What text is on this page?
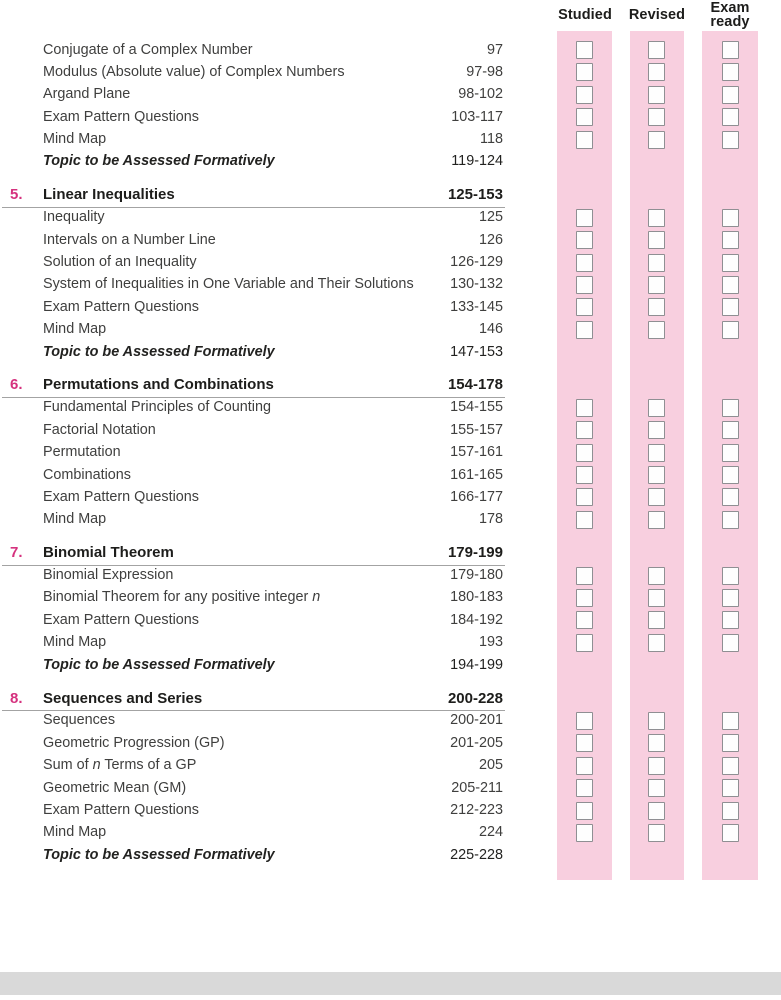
Studied	Revised	Exam
ready
Conjugate of a Complex Number	97
Modulus (Absolute value) of Complex Numbers	97-98
Argand Plane	98-102
Exam Pattern Questions	103-117
Mind Map	118
Topic to be Assessed Formatively	119-124
5. Linear Inequalities	125-153
Inequality	125
Intervals on a Number Line	126
Solution of an Inequality	126-129
System of Inequalities in One Variable and Their Solutions	130-132
Exam Pattern Questions	133-145
Mind Map	146
Topic to be Assessed Formatively	147-153
6. Permutations and Combinations	154-178
Fundamental Principles of Counting	154-155
Factorial Notation	155-157
Permutation	157-161
Combinations	161-165
Exam Pattern Questions	166-177
Mind Map	178
7. Binomial Theorem	179-199
Binomial Expression	179-180
Binomial Theorem for any positive integer n	180-183
Exam Pattern Questions	184-192
Mind Map	193
Topic to be Assessed Formatively	194-199
8. Sequences and Series	200-228
Sequences	200-201
Geometric Progression (GP)	201-205
Sum of n Terms of a GP	205
Geometric Mean (GM)	205-211
Exam Pattern Questions	212-223
Mind Map	224
Topic to be Assessed Formatively	225-228
